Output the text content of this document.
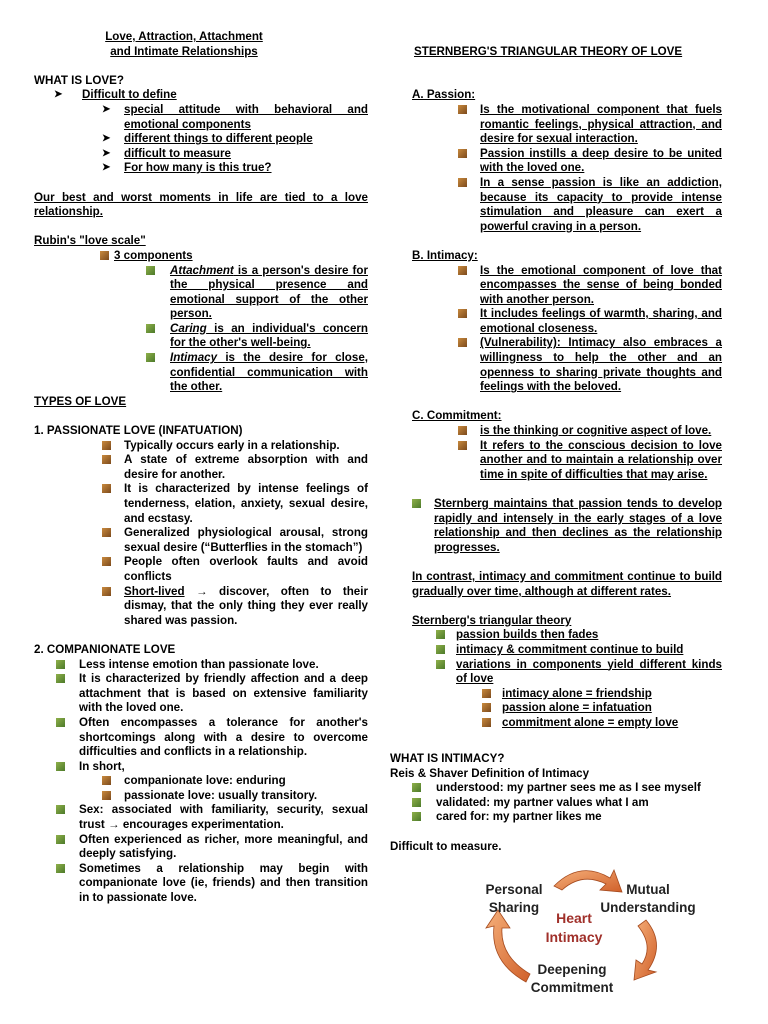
Love, Attraction, Attachment
and Intimate Relationships
WHAT IS LOVE?
➤ Difficult to define
➤ special attitude with behavioral and emotional components
➤ different things to different people
➤ difficult to measure
➤ For how many is this true?
Our best and worst moments in life are tied to a love relationship.
Rubin's "love scale"
3 components
Attachment is a person's desire for the physical presence and emotional support of the other person.
Caring is an individual's concern for the other's well-being.
Intimacy is the desire for close, confidential communication with the other.
TYPES OF LOVE
1. PASSIONATE LOVE (INFATUATION)
Typically occurs early in a relationship.
A state of extreme absorption with and desire for another.
It is characterized by intense feelings of tenderness, elation, anxiety, sexual desire, and ecstasy.
Generalized physiological arousal, strong sexual desire (“Butterflies in the stomach”)
People often overlook faults and avoid conflicts
Short-lived → discover, often to their dismay, that the only thing they ever really shared was passion.
2. COMPANIONATE LOVE
Less intense emotion than passionate love.
It is characterized by friendly affection and a deep attachment that is based on extensive familiarity with the loved one.
Often encompasses a tolerance for another's shortcomings along with a desire to overcome difficulties and conflicts in a relationship.
In short,
companionate love: enduring
passionate love: usually transitory.
Sex: associated with familiarity, security, sexual trust → encourages experimentation.
Often experienced as richer, more meaningful, and deeply satisfying.
Sometimes a relationship may begin with companionate love (ie, friends) and then transition in to passionate love.
STERNBERG'S TRIANGULAR THEORY OF LOVE
A. Passion:
Is the motivational component that fuels romantic feelings, physical attraction, and desire for sexual interaction.
Passion instills a deep desire to be united with the loved one.
In a sense passion is like an addiction, because its capacity to provide intense stimulation and pleasure can exert a powerful craving in a person.
B. Intimacy:
Is the emotional component of love that encompasses the sense of being bonded with another person.
It includes feelings of warmth, sharing, and emotional closeness.
(Vulnerability): Intimacy also embraces a willingness to help the other and an openness to sharing private thoughts and feelings with the beloved.
C. Commitment:
is the thinking or cognitive aspect of love.
It refers to the conscious decision to love another and to maintain a relationship over time in spite of difficulties that may arise.
Sternberg maintains that passion tends to develop rapidly and intensely in the early stages of a love relationship and then declines as the relationship progresses.
In contrast, intimacy and commitment continue to build gradually over time, although at different rates.
Sternberg's triangular theory
passion builds then fades
intimacy & commitment continue to build
variations in components yield different kinds of love
intimacy alone = friendship
passion alone = infatuation
commitment alone = empty love
WHAT IS INTIMACY?
Reis & Shaver Definition of Intimacy
understood: my partner sees me as I see myself
validated: my partner values what I am
cared for: my partner likes me
Difficult to measure.
Personal
Sharing
Mutual
Understanding
Heart
Intimacy
Deepening
Commitment
